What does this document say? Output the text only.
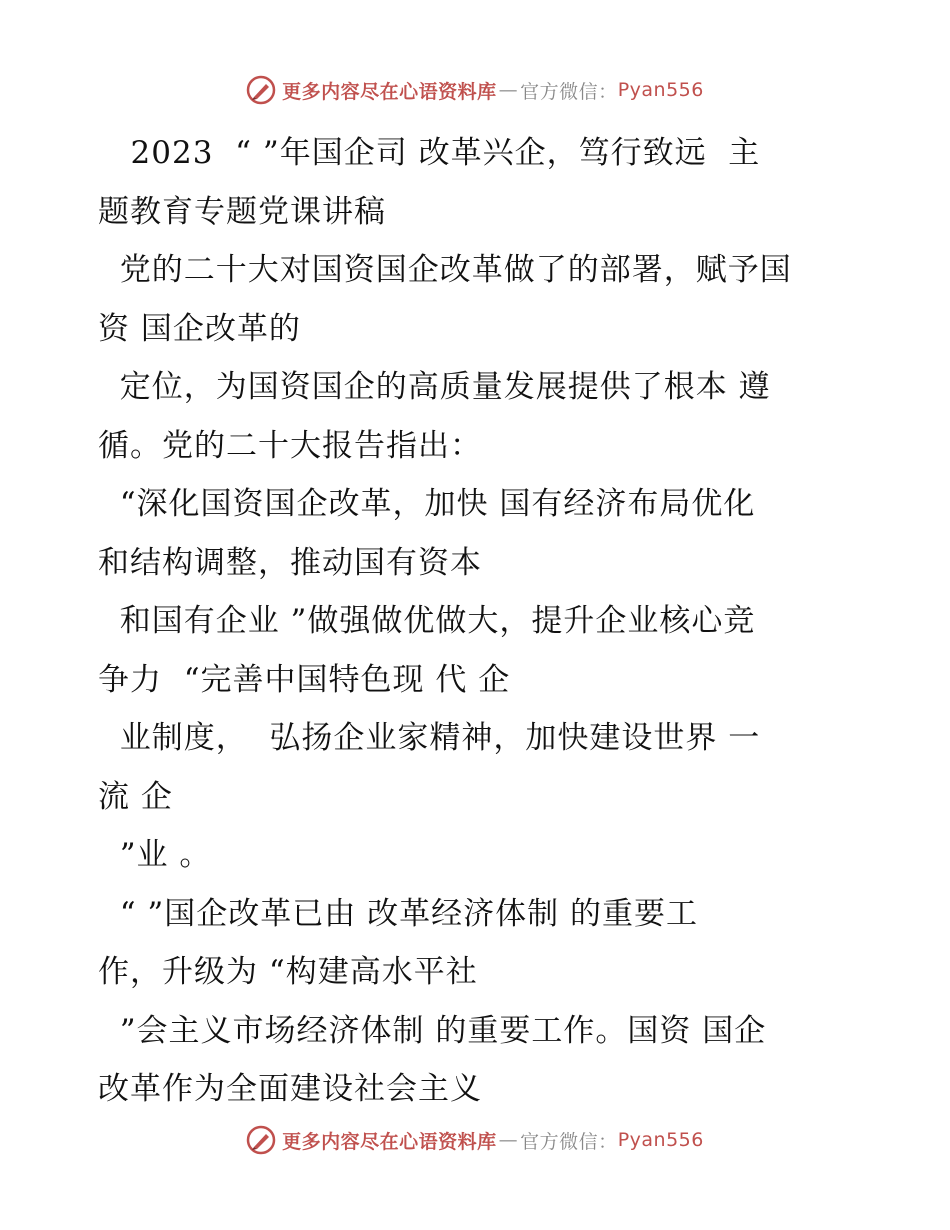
更多内容尽在心语资料库 — 官方微信： Pyan556
2023  “ ”年国企司 改革兴企，笃行致远  主
题教育专题党课讲稿
党的二十大对国资国企改革做了的部署，赋予国
资 国企改革的
定位，为国资国企的高质量发展提供了根本 遵
循。党的二十大报告指出：
“深化国资国企改革，加快 国有经济布局优化
和结构调整，推动国有资本
和国有企业 ”做强做优做大，提升企业核心竞
争力  “完善中国特色现 代 企
业制度，  弘扬企业家精神，加快建设世界 一
流 企
”业 。
“ ”国企改革已由 改革经济体制 的重要工
作，升级为 “构建高水平社
”会主义市场经济体制 的重要工作。国资 国企
改革作为全面建设社会主义
更多内容尽在心语资料库 — 官方微信： Pyan556
